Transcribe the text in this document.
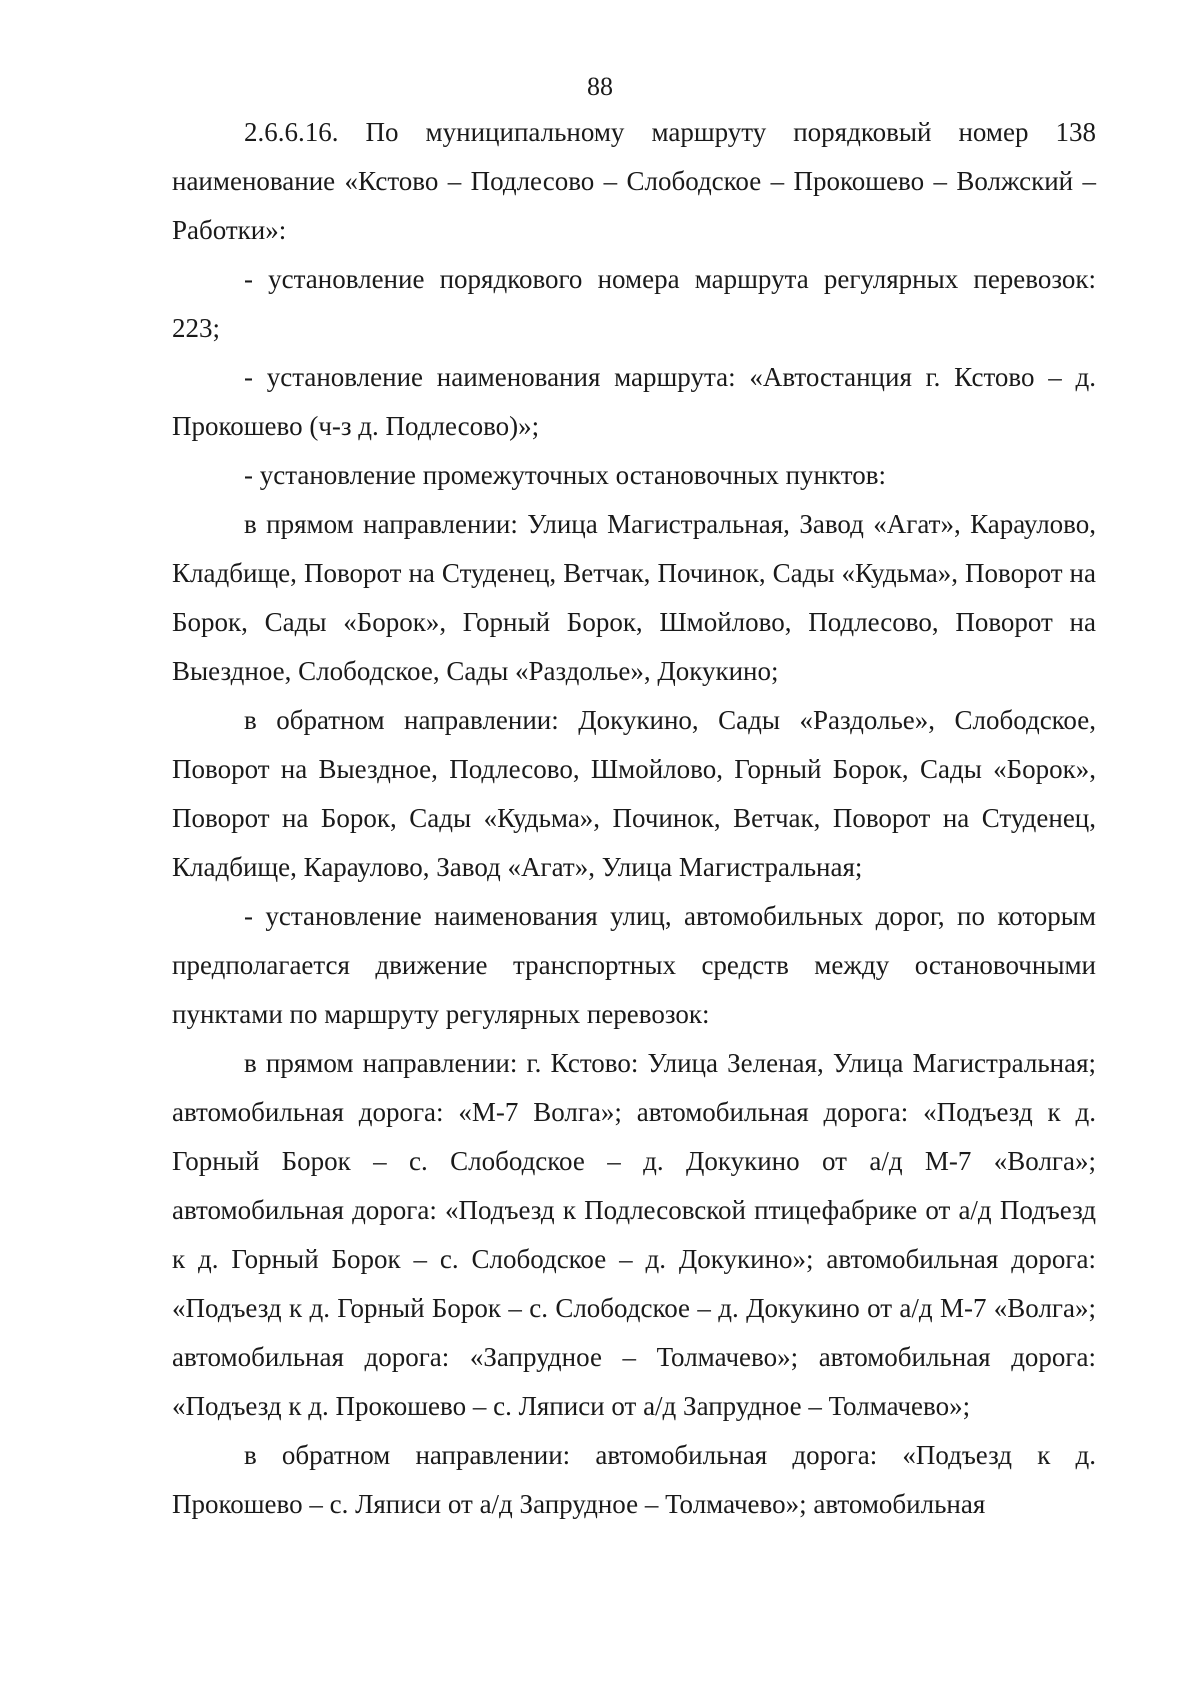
88

2.6.6.16. По муниципальному маршруту порядковый номер 138 наименование «Кстово – Подлесово – Слободское – Прокошево – Волжский – Работки»:

- установление порядкового номера маршрута регулярных перевозок: 223;

- установление наименования маршрута: «Автостанция г. Кстово – д. Прокошево (ч-з д. Подлесово)»;

- установление промежуточных остановочных пунктов:

в прямом направлении: Улица Магистральная, Завод «Агат», Караулово, Кладбище, Поворот на Студенец, Ветчак, Починок, Сады «Кудьма», Поворот на Борок, Сады «Борок», Горный Борок, Шмойлово, Подлесово, Поворот на Выездное, Слободское, Сады «Раздолье», Докукино;

в обратном направлении: Докукино, Сады «Раздолье», Слободское, Поворот на Выездное, Подлесово, Шмойлово, Горный Борок, Сады «Борок», Поворот на Борок, Сады «Кудьма», Починок, Ветчак, Поворот на Студенец, Кладбище, Караулово, Завод «Агат», Улица Магистральная;

- установление наименования улиц, автомобильных дорог, по которым предполагается движение транспортных средств между остановочными пунктами по маршруту регулярных перевозок:

в прямом направлении: г. Кстово: Улица Зеленая, Улица Магистральная; автомобильная дорога: «М-7 Волга»; автомобильная дорога: «Подъезд к д. Горный Борок – с. Слободское – д. Докукино от а/д М-7 «Волга»; автомобильная дорога: «Подъезд к Подлесовской птицефабрике от а/д Подъезд к д. Горный Борок – с. Слободское – д. Докукино»; автомобильная дорога: «Подъезд к д. Горный Борок – с. Слободское – д. Докукино от а/д М-7 «Волга»; автомобильная дорога: «Запрудное – Толмачево»; автомобильная дорога: «Подъезд к д. Прокошево – с. Ляписи от а/д Запрудное – Толмачево»;

в обратном направлении: автомобильная дорога: «Подъезд к д. Прокошево – с. Ляписи от а/д Запрудное – Толмачево»; автомобильная
